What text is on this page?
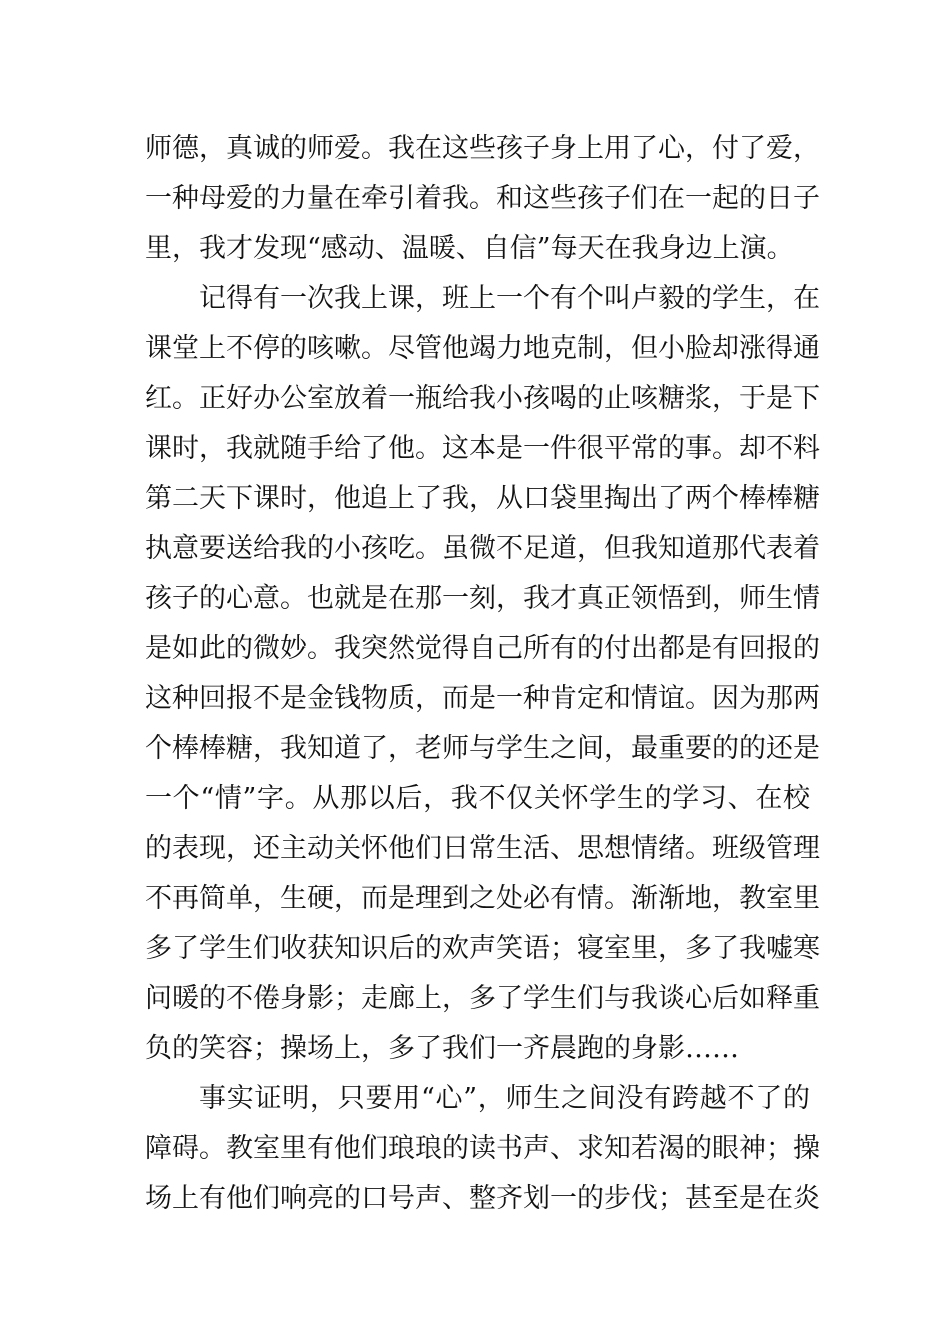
师德，真诚的师爱。我在这些孩子身上用了心，付了爱，
一种母爱的力量在牵引着我。和这些孩子们在一起的日子
里，我才发现“感动、温暖、自信”每天在我身边上演。
记得有一次我上课，班上一个有个叫卢毅的学生，在
课堂上不停的咳嗽。尽管他竭力地克制，但小脸却涨得通
红。正好办公室放着一瓶给我小孩喝的止咳糖浆，于是下
课时，我就随手给了他。这本是一件很平常的事。却不料
第二天下课时，他追上了我，从口袋里掏出了两个棒棒糖
执意要送给我的小孩吃。虽微不足道，但我知道那代表着
孩子的心意。也就是在那一刻，我才真正领悟到，师生情
是如此的微妙。我突然觉得自己所有的付出都是有回报的
这种回报不是金钱物质，而是一种肯定和情谊。因为那两
个棒棒糖，我知道了，老师与学生之间，最重要的的还是
一个“情”字。从那以后，我不仅关怀学生的学习、在校
的表现，还主动关怀他们日常生活、思想情绪。班级管理
不再简单，生硬，而是理到之处必有情。渐渐地，教室里
多了学生们收获知识后的欢声笑语；寝室里，多了我嘘寒
问暖的不倦身影；走廊上，多了学生们与我谈心后如释重
负的笑容；操场上，多了我们一齐晨跑的身影……
事实证明，只要用“心”，师生之间没有跨越不了的
障碍。教室里有他们琅琅的读书声、求知若渴的眼神；操
场上有他们响亮的口号声、整齐划一的步伐；甚至是在炎
